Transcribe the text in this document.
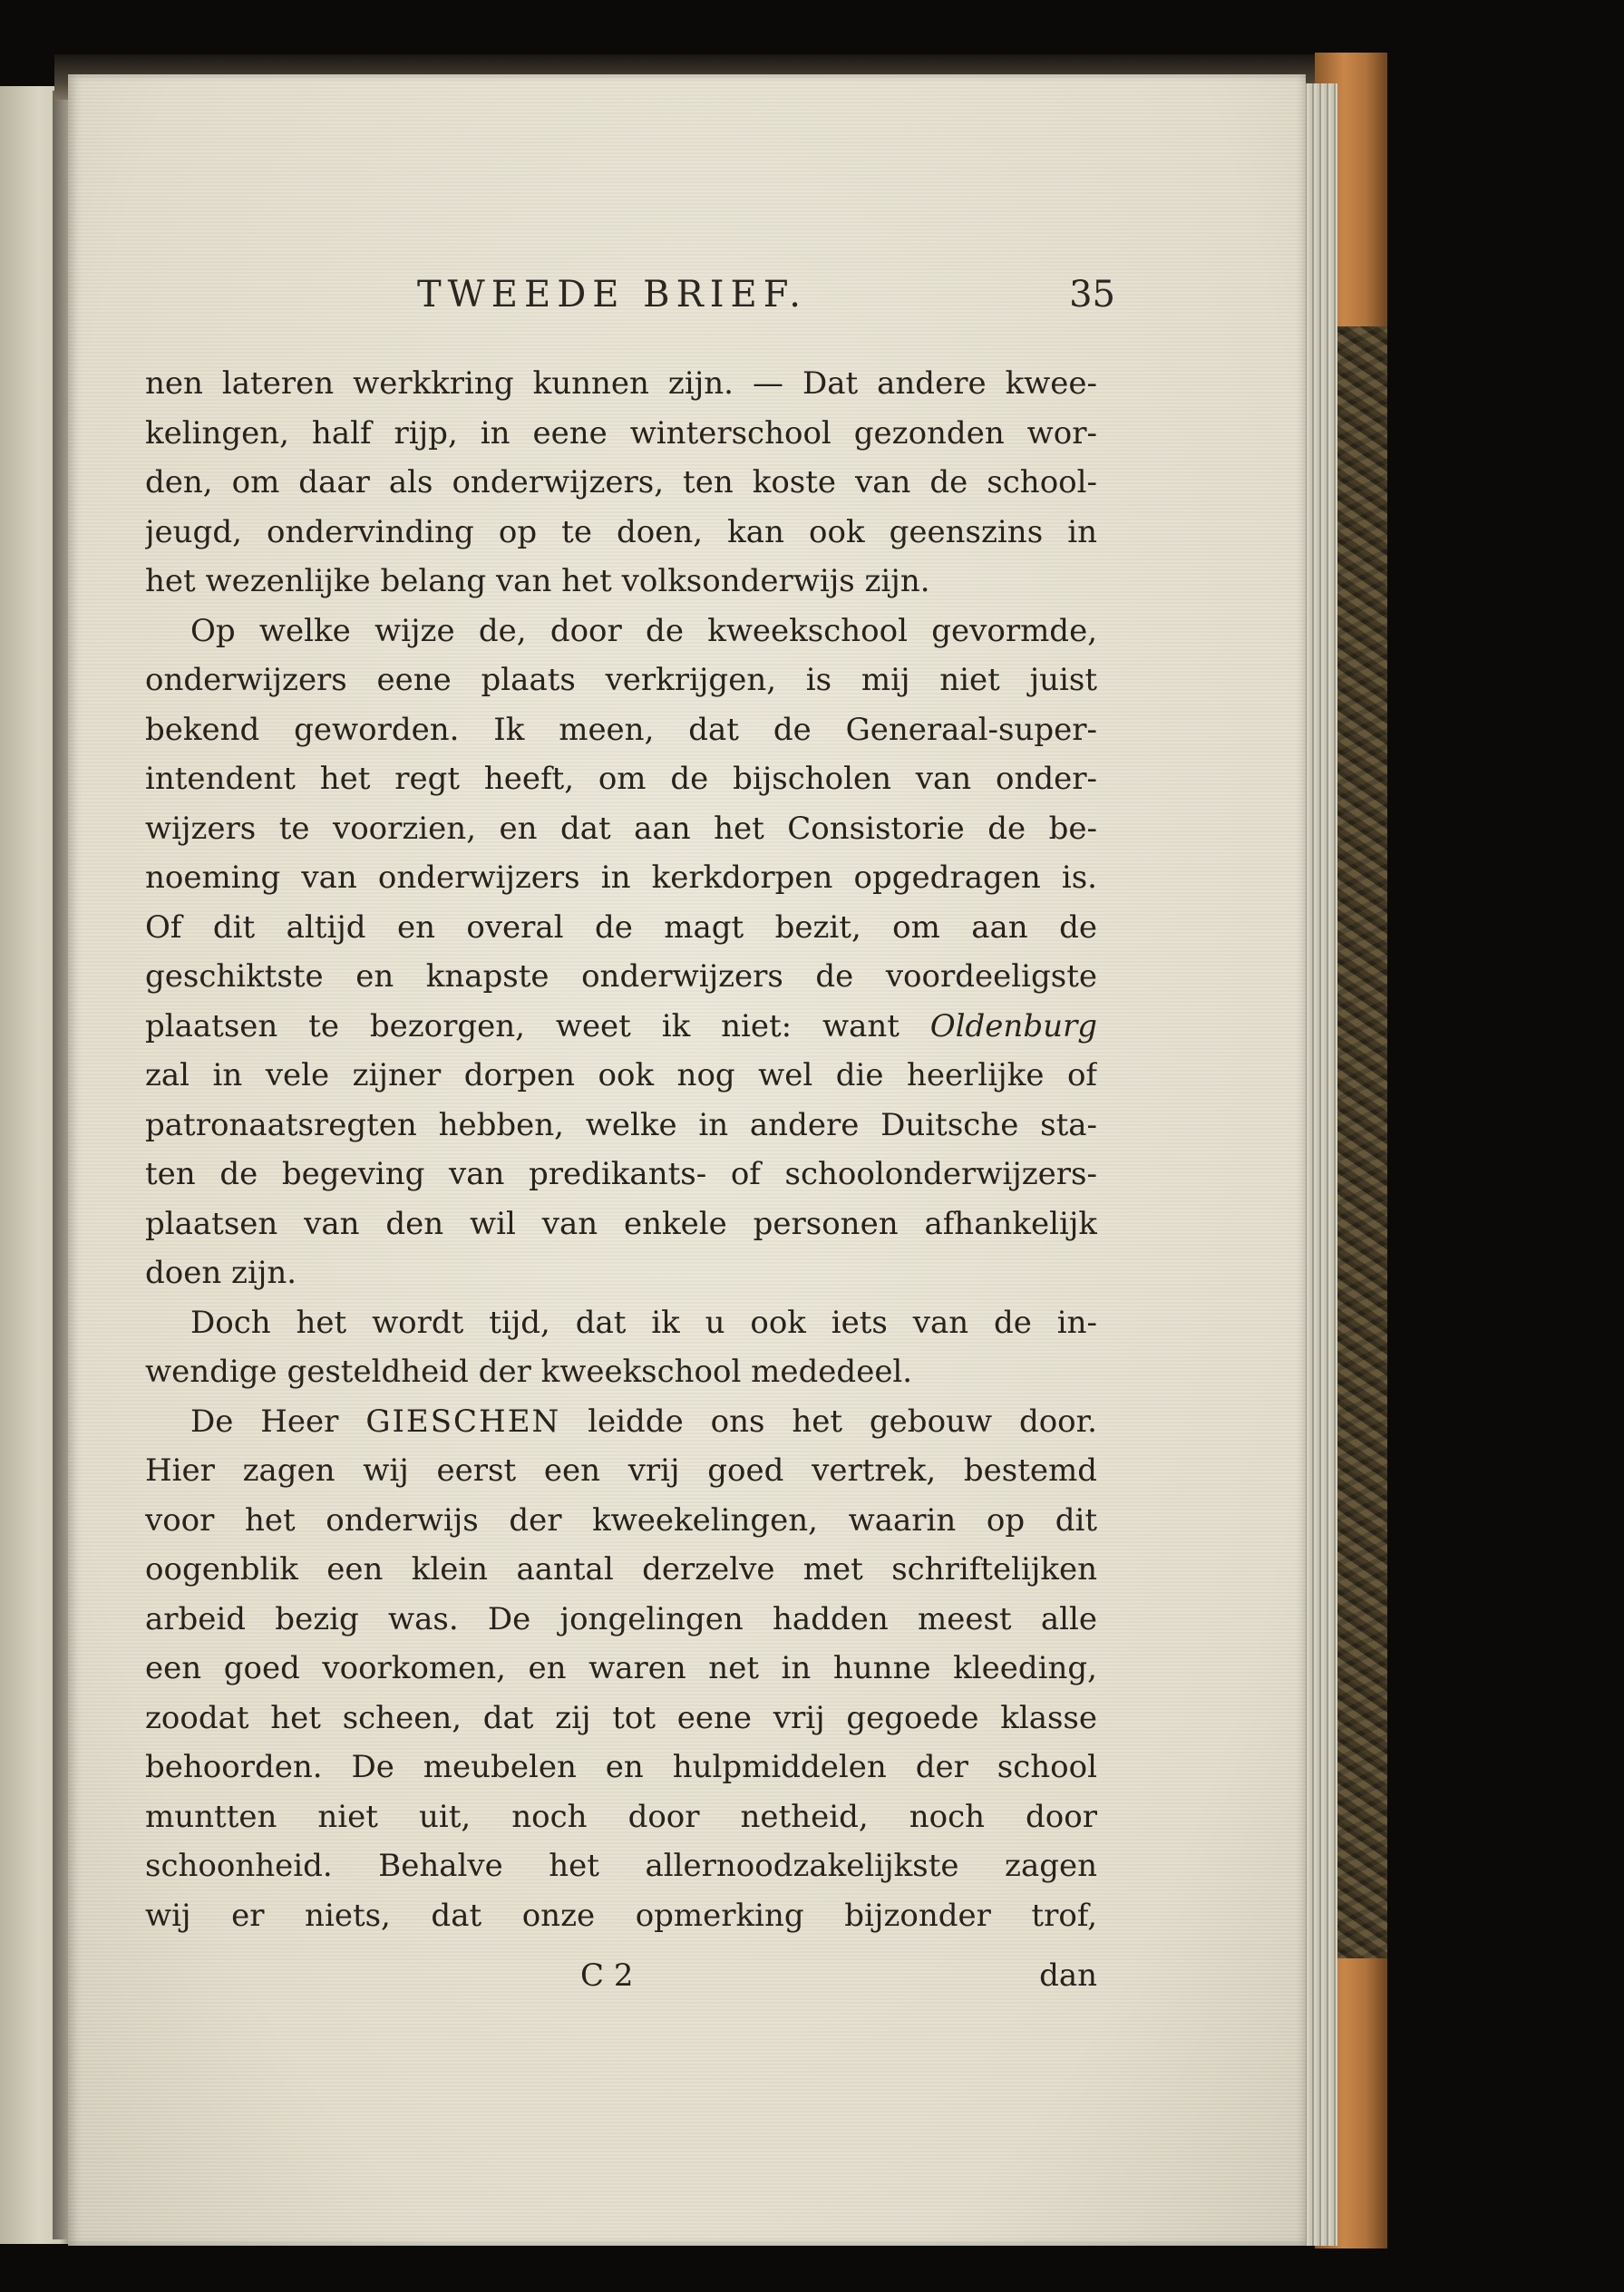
TWEEDE BRIEF.	35
nen lateren werkkring kunnen zijn. — Dat andere kwee-
kelingen, half rijp, in eene winterschool gezonden wor-
den, om daar als onderwijzers, ten koste van de school-
jeugd, ondervinding op te doen, kan ook geenszins in
het wezenlijke belang van het volksonderwijs zijn.
Op welke wijze de, door de kweekschool gevormde,
onderwijzers eene plaats verkrijgen, is mij niet juist
bekend geworden. Ik meen, dat de Generaal-super-
intendent het regt heeft, om de bijscholen van onder-
wijzers te voorzien, en dat aan het Consistorie de be-
noeming van onderwijzers in kerkdorpen opgedragen is.
Of dit altijd en overal de magt bezit, om aan de
geschiktste en knapste onderwijzers de voordeeligste
plaatsen te bezorgen, weet ik niet: want Oldenburg
zal in vele zijner dorpen ook nog wel die heerlijke of
patronaatsregten hebben, welke in andere Duitsche sta-
ten de begeving van predikants- of schoolonderwijzers-
plaatsen van den wil van enkele personen afhankelijk
doen zijn.
Doch het wordt tijd, dat ik u ook iets van de in-
wendige gesteldheid der kweekschool mededeel.
De Heer GIESCHEN leidde ons het gebouw door.
Hier zagen wij eerst een vrij goed vertrek, bestemd
voor het onderwijs der kweekelingen, waarin op dit
oogenblik een klein aantal derzelve met schriftelijken
arbeid bezig was. De jongelingen hadden meest alle
een goed voorkomen, en waren net in hunne kleeding,
zoodat het scheen, dat zij tot eene vrij gegoede klasse
behoorden. De meubelen en hulpmiddelen der school
muntten niet uit, noch door netheid, noch door
schoonheid. Behalve het allernoodzakelijkste zagen
wij er niets, dat onze opmerking bijzonder trof,
C 2	dan
